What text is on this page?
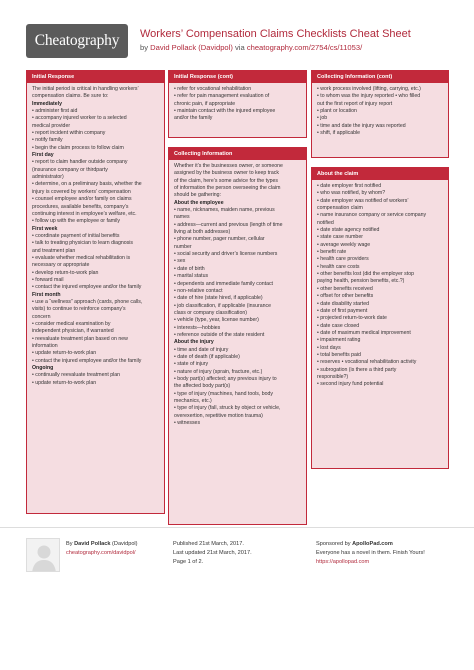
Cheatography	Workers’ Compensation Claims Checklists Cheat Sheet
by David Pollack (Davidpol) via cheatography.com/2754/cs/11053/
Initial Response
The initial period is critical in handling workers’
compensation claims. Be sure to:
Immediately
• administer first aid
• accompany injured worker to a selected
medical provider
• report incident within company
• notify family
• begin the claim process to follow claim
First day
• report to claim handler outside company
(insurance company or thirdparty
administrator)
• determine, on a preliminary basis, whether the
injury is covered by workers’ compensation
• counsel employee and/or family on claims
procedures, available benefits, company’s
continuing interest in employee’s welfare, etc.
• follow up with the employee or family
First week
• coordinate payment of initial benefits
• talk to treating physician to learn diagnosis
and treatment plan
• evaluate whether medical rehabilitation is
necessary or appropriate
• develop return-to-work plan
• forward mail
• contact the injured employee and/or the family
First month
• use a “wellness” approach (cards, phone calls,
visits) to continue to reinforce company’s
concern
• consider medical examination by
independent physician, if warranted
• reevaluate treatment plan based on new
information
• update return-to-work plan
• contact the injured employee and/or the family
Ongoing
• continually reevaluate treatment plan
• update return-to-work plan
Initial Response (cont)
• refer for vocational rehabilitation
• refer for pain management evaluation of
chronic pain, if appropriate
• maintain contact with the injured employee
and/or the family
Collecting Information
Whether it’s the businesses owner, or someone
assigned by the business owner to keep track
of the claim, here’s some advice for the types
of information the person overseeing the claim
should be gathering:
About the employee
• name, nicknames, maiden name, previous
names
• address—current and previous (length of time
living at both addresses)
• phone number, pager number, cellular
number
• social security and driver’s license numbers
• sex
• date of birth
• marital status
• dependents and immediate family contact
• non-relative contact
• date of hire (state hired, if applicable)
• job classification, if applicable (insurance
class or company classification)
• vehicle (type, year, license number)
• interests—hobbies
• reference outside of the state resident
About the injury
• time and date of injury
• date of death (if applicable)
• state of injury
• nature of injury (sprain, fracture, etc.)
• body part(s) affected; any previous injury to
the affected body part(s)
• type of injury (machines, hand tools, body
mechanics, etc.)
• type of injury (fall, struck by object or vehicle,
overexertion, repetitive motion trauma)
• witnesses
Collecting Information (cont)
• work process involved (lifting, carrying, etc.)
• to whom was the injury reported • who filled
out the first report of injury report
• plant or location
• job
• time and date the injury was reported
• shift, if applicable
About the claim
• date employer first notified
• who was notified, by whom?
• date employer was notified of workers’
compensation claim
• name insurance company or service company
notified
• date state agency notified
• state case number
• average weekly wage
• benefit rate
• health care providers
• health care costs
• other benefits lost (did the employer stop
paying health, pension benefits, etc.?)
• other benefits received
• offset for other benefits
• date disability started
• date of first payment
• projected return-to-work date
• date case closed
• date of maximum medical improvement
• impairment rating
• lost days
• total benefits paid
• reserves • vocational rehabilitation activity
• subrogation (is there a third party
responsible?)
• second injury fund potential
By David Pollack (Davidpol)
cheatography.com/davidpol/
Published 21st March, 2017.
Last updated 21st March, 2017.
Page 1 of 2.
Sponsored by ApolloPad.com
Everyone has a novel in them. Finish Yours!
https://apollopad.com
